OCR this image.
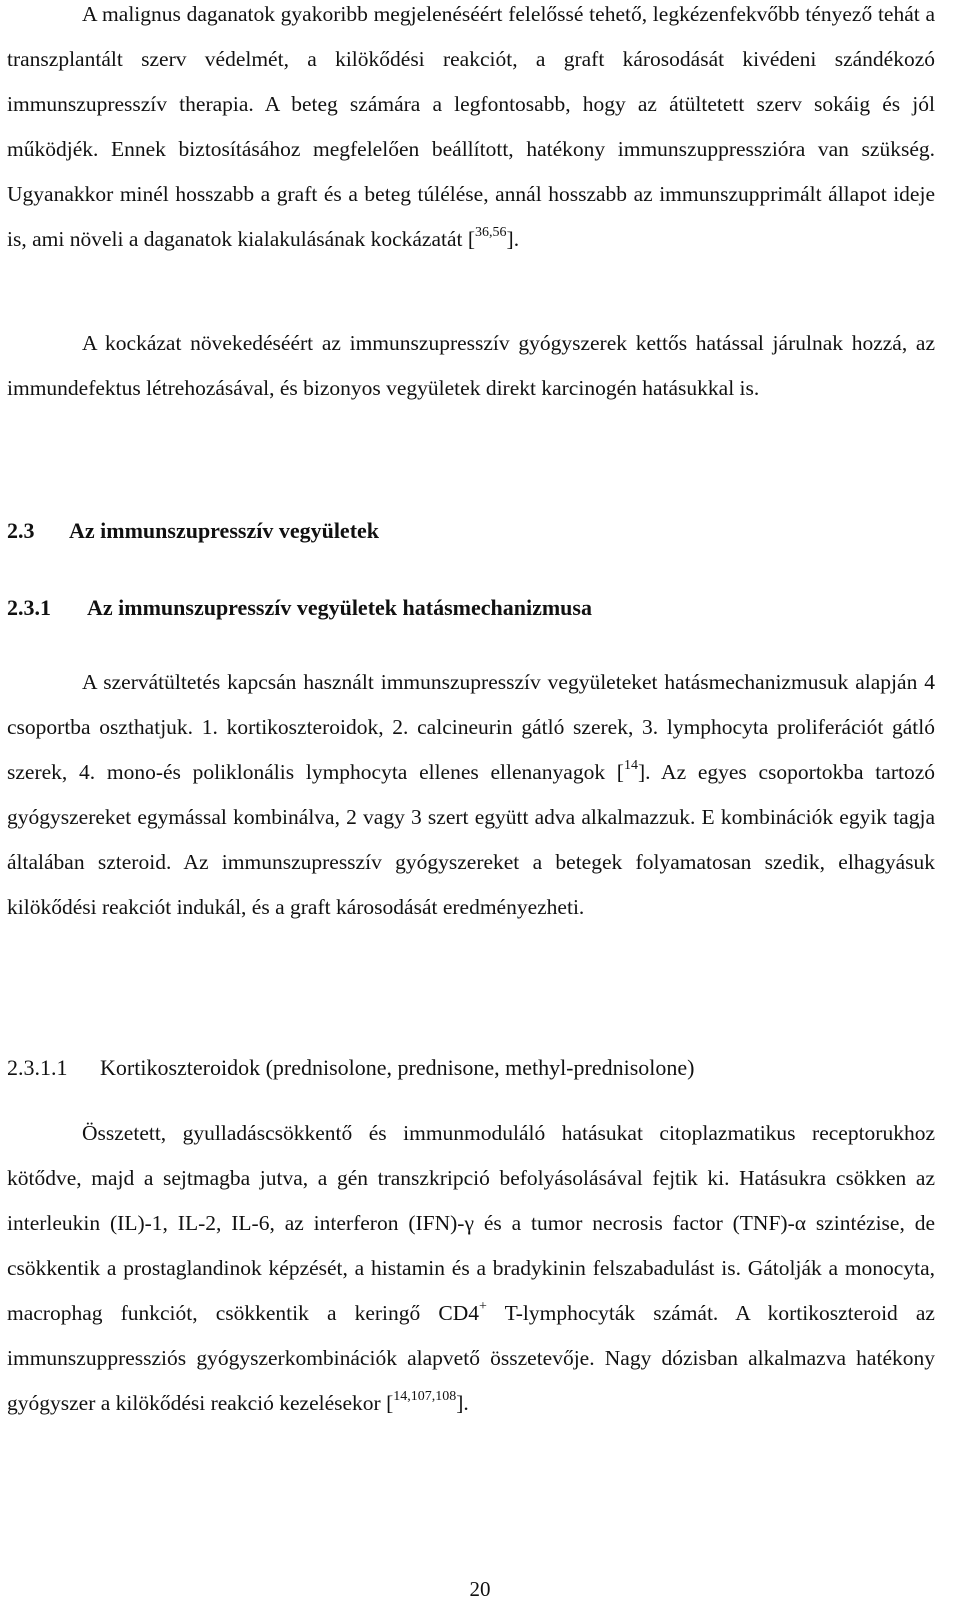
A malignus daganatok gyakoribb megjelenéséért felelőssé tehető, legkézenfekvőbb tényező tehát a transzplantált szerv védelmét, a kilökődési reakciót, a graft károsodását kivédeni szándékozó immunszupresszív therapia. A beteg számára a legfontosabb, hogy az átültetett szerv sokáig és jól működjék. Ennek biztosításához megfelelően beállított, hatékony immunszuppresszióra van szükség. Ugyanakkor minél hosszabb a graft és a beteg túlélése, annál hosszabb az immunszupprimált állapot ideje is, ami növeli a daganatok kialakulásának kockázatát [$^{36,56}$].

A kockázat növekedéséért az immunszupresszív gyógyszerek kettős hatással járulnak hozzá, az immundefektus létrehozásával, és bizonyos vegyületek direkt karcinogén hatásukkal is.

2.3 Az immunszupresszív vegyületek
2.3.1 Az immunszupresszív vegyületek hatásmechanizmusa

A szervátültetés kapcsán használt immunszupresszív vegyületeket hatásmechanizmusuk alapján 4 csoportba oszthatjuk. 1. kortikoszteroidok, 2. calcineurin gátló szerek, 3. lymphocyta proliferációt gátló szerek, 4. mono-és poliklonális lymphocyta ellenes ellenanyagok [$^{14}$]. Az egyes csoportokba tartozó gyógyszereket egymással kombinálva, 2 vagy 3 szert együtt adva alkalmazzuk. E kombinációk egyik tagja általában szteroid. Az immunszupresszív gyógyszereket a betegek folyamatosan szedik, elhagyásuk kilökődési reakciót indukál, és a graft károsodását eredményezheti.

2.3.1.1 Kortikoszteroidok (prednisolone, prednisone, methyl-prednisolone)

Összetett, gyulladáscsökkentő és immunmoduláló hatásukat citoplazmatikus receptorukhoz kötődve, majd a sejtmagba jutva, a gén transzkripció befolyásolásával fejtik ki. Hatásukra csökken az interleukin (IL)-1, IL-2, IL-6, az interferon (IFN)-γ és a tumor necrosis factor (TNF)-α szintézise, de csökkentik a prostaglandinok képzését, a histamin és a bradykinin felszabadulást is. Gátolják a monocyta, macrophag funkciót, csökkentik a keringő CD4+ T-lymphocyták számát. A kortikoszteroid az immunszuppressziós gyógyszerkombinációk alapvető összetevője. Nagy dózisban alkalmazva hatékony gyógyszer a kilökődési reakció kezelésekor [$^{14,107,108}$].

20
